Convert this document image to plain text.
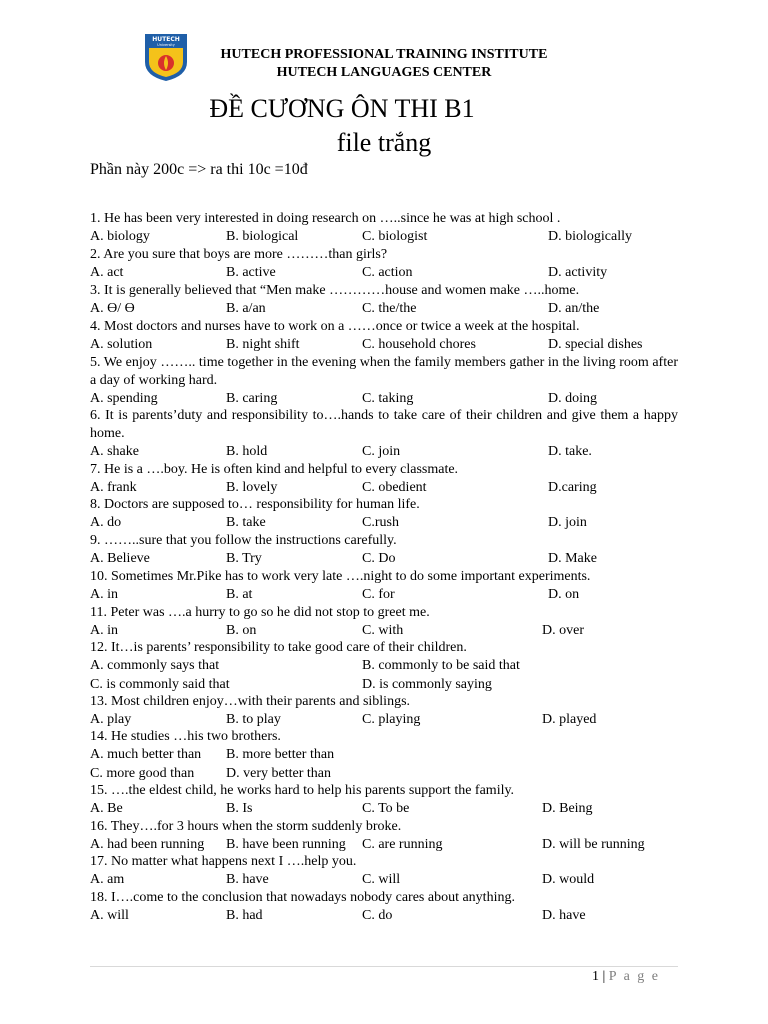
HUTECH
University
HUTECH PROFESSIONAL TRAINING INSTITUTE
HUTECH LANGUAGES CENTER
ĐỀ CƯƠNG ÔN THI B1
file trắng
Phần này 200c => ra thi 10c =10đ
1. He has been very interested in doing research on …..since he was at high school .
A. biology	B. biological	C. biologist	D. biologically
2. Are you sure that boys are more ………than girls?
A. act	B. active	C. action	D. activity
3. It is generally believed that “Men make …………house and women make …..home.
A. Ɵ/ Ɵ	B. a/an	C. the/the	D. an/the
4. Most doctors and nurses have to work on a ……once or twice a week at the hospital.
A. solution	B. night shift	C. household chores	D. special dishes
5. We enjoy …….. time together in the evening when the family members gather in the living room after a day of working hard.
A. spending	B. caring	C. taking	D. doing
6. It is parents’duty and responsibility to….hands to take care of their children and give them a happy home.
A. shake	B. hold	C. join	D. take.
7. He is a ….boy. He is often kind and helpful to every classmate.
A. frank	B. lovely	C. obedient	D.caring
8. Doctors are supposed to… responsibility for human life.
A. do	B. take	C.rush	D. join
9. ……..sure that you follow the instructions carefully.
A. Believe	B. Try	C. Do	D. Make
10. Sometimes Mr.Pike has to work very late ….night to do some important experiments.
A. in	B. at	C. for	D. on
11. Peter was ….a hurry to go so he did not stop to greet me.
A. in	B. on	C. with	D. over
12. It…is parents’ responsibility to take good care of their children.
A. commonly says that	B. commonly to be said that
C. is commonly said that	D. is commonly saying
13. Most children enjoy…with their parents and siblings.
A. play	B. to play	C. playing	D. played
14. He studies …his two brothers.
A. much better than B. more better than
C. more good than D. very better than
15. ….the eldest child, he works hard to help his parents support the family.
A. Be	B. Is	C. To be	D. Being
16. They….for 3 hours when the storm suddenly broke.
A. had been running B. have been running C. are running	D. will be running
17. No matter what happens next I ….help you.
A. am	B. have	C. will	D. would
18. I….come to the conclusion that nowadays nobody cares about anything.
A. will	B. had	C. do	D. have
1 | P a g e
